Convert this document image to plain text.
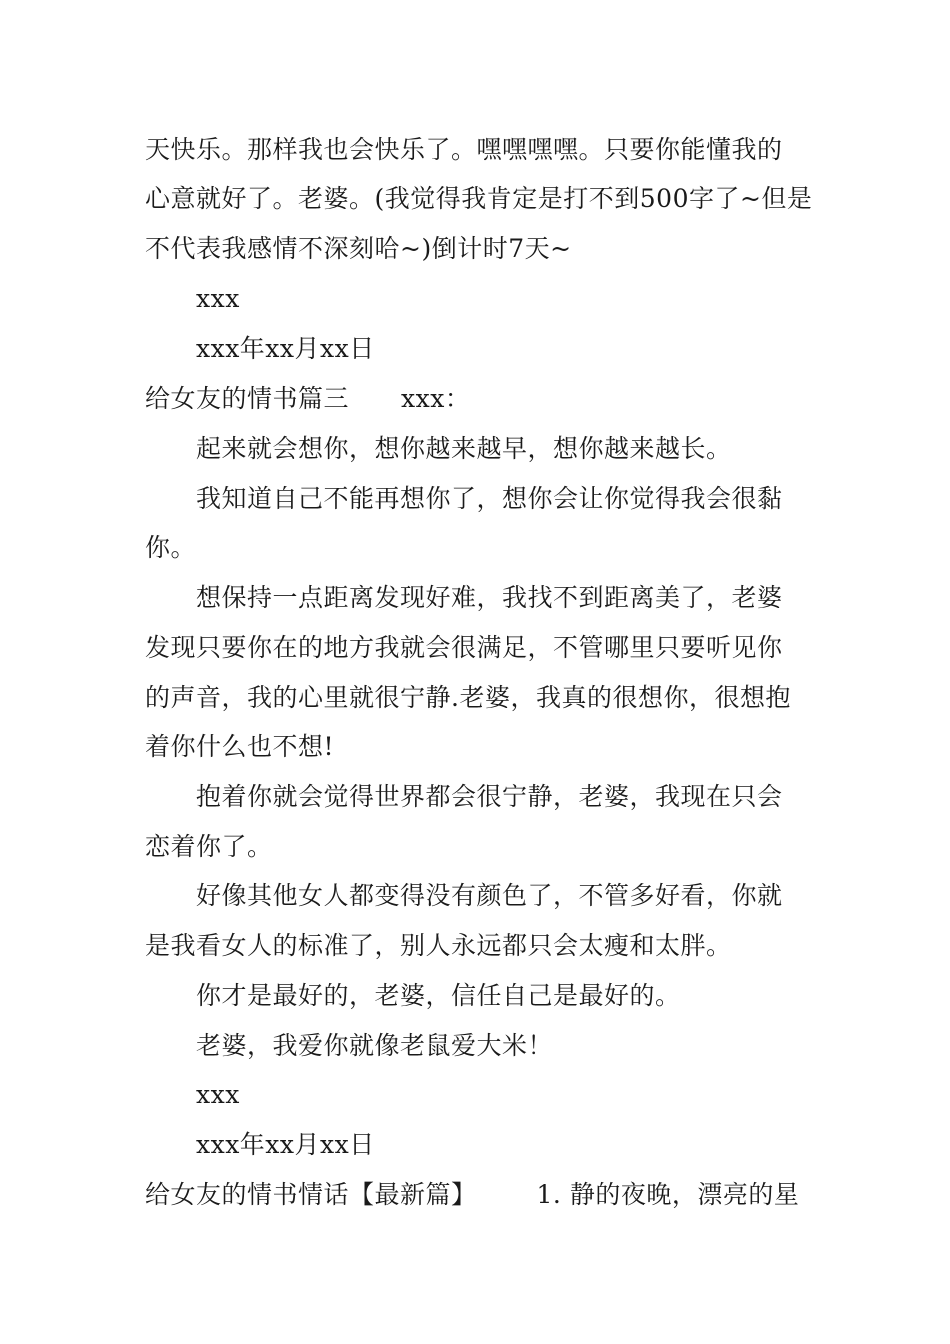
天快乐。那样我也会快乐了。嘿嘿嘿嘿。只要你能懂我的
心意就好了。老婆。(我觉得我肯定是打不到500字了~但是
不代表我感情不深刻哈~)倒计时7天~
xxx
xxx年xx月xx日
给女友的情书篇三 xxx：
起来就会想你，想你越来越早，想你越来越长。
我知道自己不能再想你了，想你会让你觉得我会很黏
你。
想保持一点距离发现好难，我找不到距离美了，老婆
发现只要你在的地方我就会很满足，不管哪里只要听见你
的声音，我的心里就很宁静.老婆，我真的很想你，很想抱
着你什么也不想!
抱着你就会觉得世界都会很宁静，老婆，我现在只会
恋着你了。
好像其他女人都变得没有颜色了，不管多好看，你就
是我看女人的标准了，别人永远都只会太瘦和太胖。
你才是最好的，老婆，信任自己是最好的。
老婆，我爱你就像老鼠爱大米！
xxx
xxx年xx月xx日
给女友的情书情话【最新篇】 1. 静的夜晚，漂亮的星
